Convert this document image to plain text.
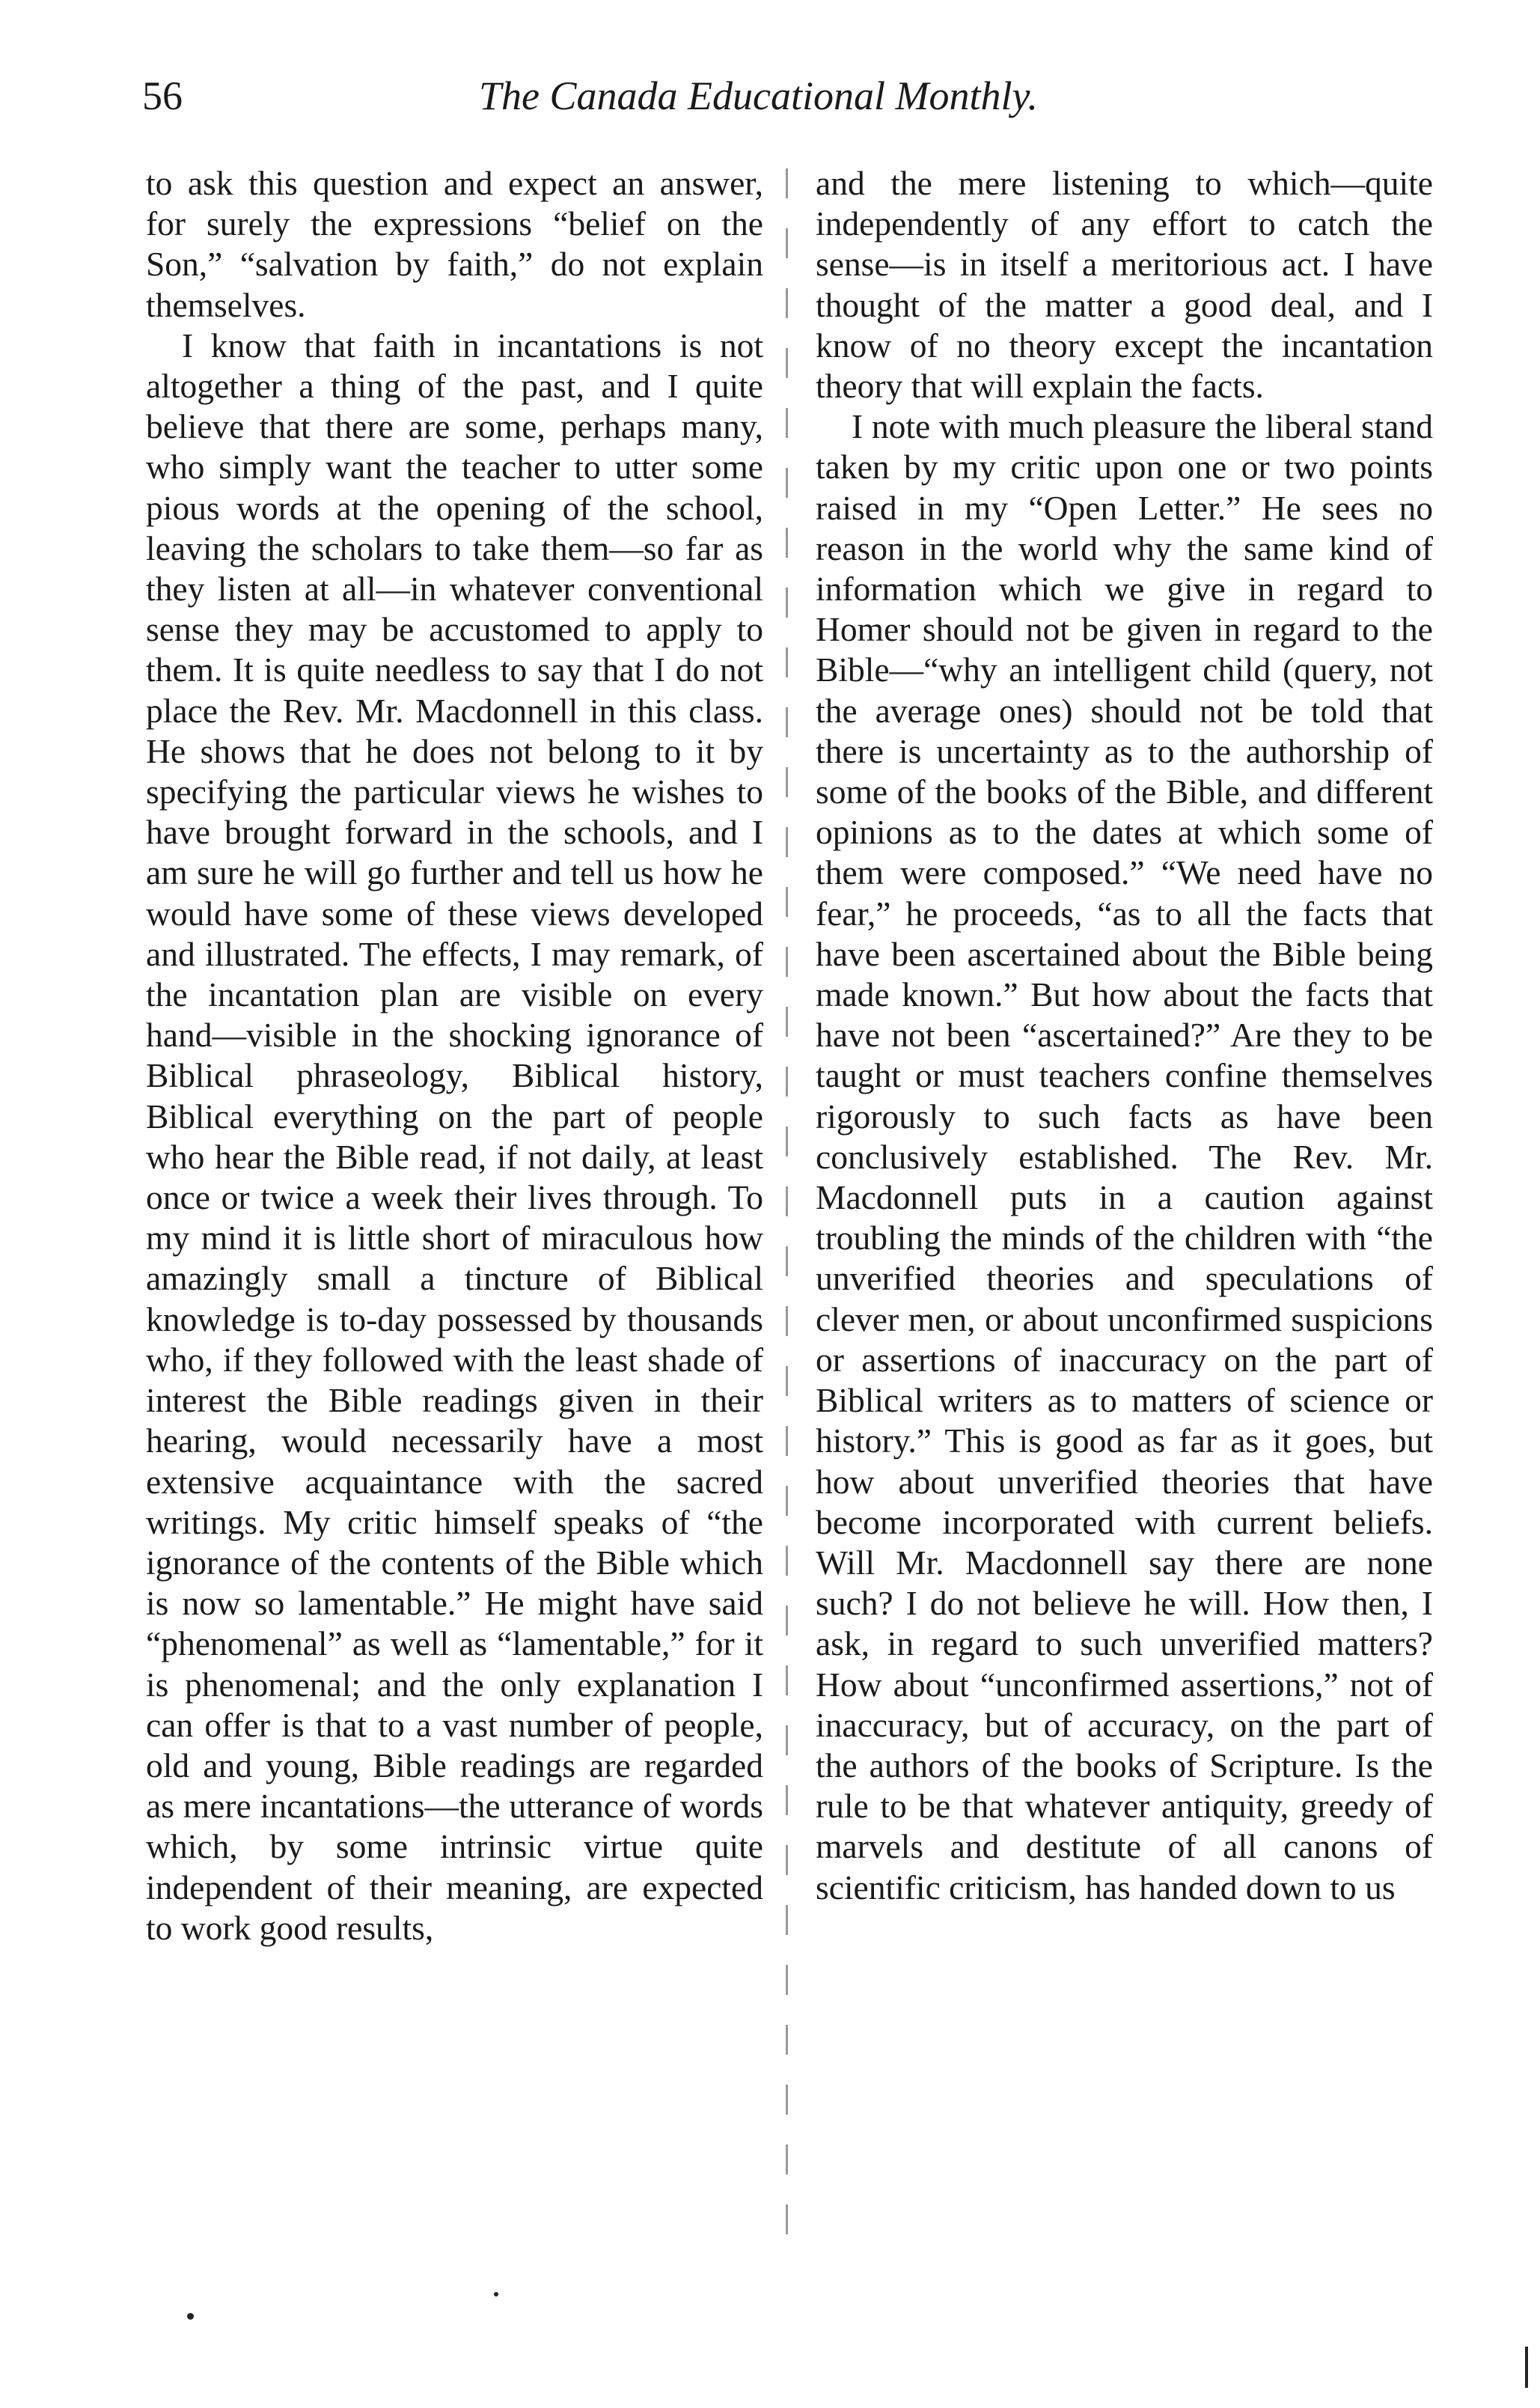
56	The Canada Educational Monthly.

to ask this question and expect an answer, for surely the expressions “belief on the Son,” “salvation by faith,” do not explain themselves.

I know that faith in incantations is not altogether a thing of the past, and I quite believe that there are some, perhaps many, who simply want the teacher to utter some pious words at the opening of the school, leaving the scholars to take them—so far as they listen at all—in whatever conventional sense they may be accustomed to apply to them. It is quite needless to say that I do not place the Rev. Mr. Macdonnell in this class. He shows that he does not belong to it by specifying the particular views he wishes to have brought forward in the schools, and I am sure he will go further and tell us how he would have some of these views developed and illustrated. The effects, I may remark, of the incantation plan are visible on every hand—visible in the shocking ignorance of Biblical phraseology, Biblical history, Biblical everything on the part of people who hear the Bible read, if not daily, at least once or twice a week their lives through. To my mind it is little short of miraculous how amazingly small a tincture of Biblical knowledge is to-day possessed by thousands who, if they followed with the least shade of interest the Bible readings given in their hearing, would necessarily have a most extensive acquaintance with the sacred writings. My critic himself speaks of “the ignorance of the contents of the Bible which is now so lamentable.” He might have said “phenomenal” as well as “lamentable,” for it is phenomenal; and the only explanation I can offer is that to a vast number of people, old and young, Bible readings are regarded as mere incantations—the utterance of words which, by some intrinsic virtue quite independent of their meaning, are expected to work good results,

and the mere listening to which—quite independently of any effort to catch the sense—is in itself a meritorious act. I have thought of the matter a good deal, and I know of no theory except the incantation theory that will explain the facts.

I note with much pleasure the liberal stand taken by my critic upon one or two points raised in my “Open Letter.” He sees no reason in the world why the same kind of information which we give in regard to Homer should not be given in regard to the Bible—“why an intelligent child (query, not the average ones) should not be told that there is uncertainty as to the authorship of some of the books of the Bible, and different opinions as to the dates at which some of them were composed.” “We need have no fear,” he proceeds, “as to all the facts that have been ascertained about the Bible being made known.” But how about the facts that have not been “ascertained?” Are they to be taught or must teachers confine themselves rigorously to such facts as have been conclusively established. The Rev. Mr. Macdonnell puts in a caution against troubling the minds of the children with “the unverified theories and speculations of clever men, or about unconfirmed suspicions or assertions of inaccuracy on the part of Biblical writers as to matters of science or history.” This is good as far as it goes, but how about unverified theories that have become incorporated with current beliefs. Will Mr. Macdonnell say there are none such? I do not believe he will. How then, I ask, in regard to such unverified matters? How about “unconfirmed assertions,” not of inaccuracy, but of accuracy, on the part of the authors of the books of Scripture. Is the rule to be that whatever antiquity, greedy of marvels and destitute of all canons of scientific criticism, has handed down to us
